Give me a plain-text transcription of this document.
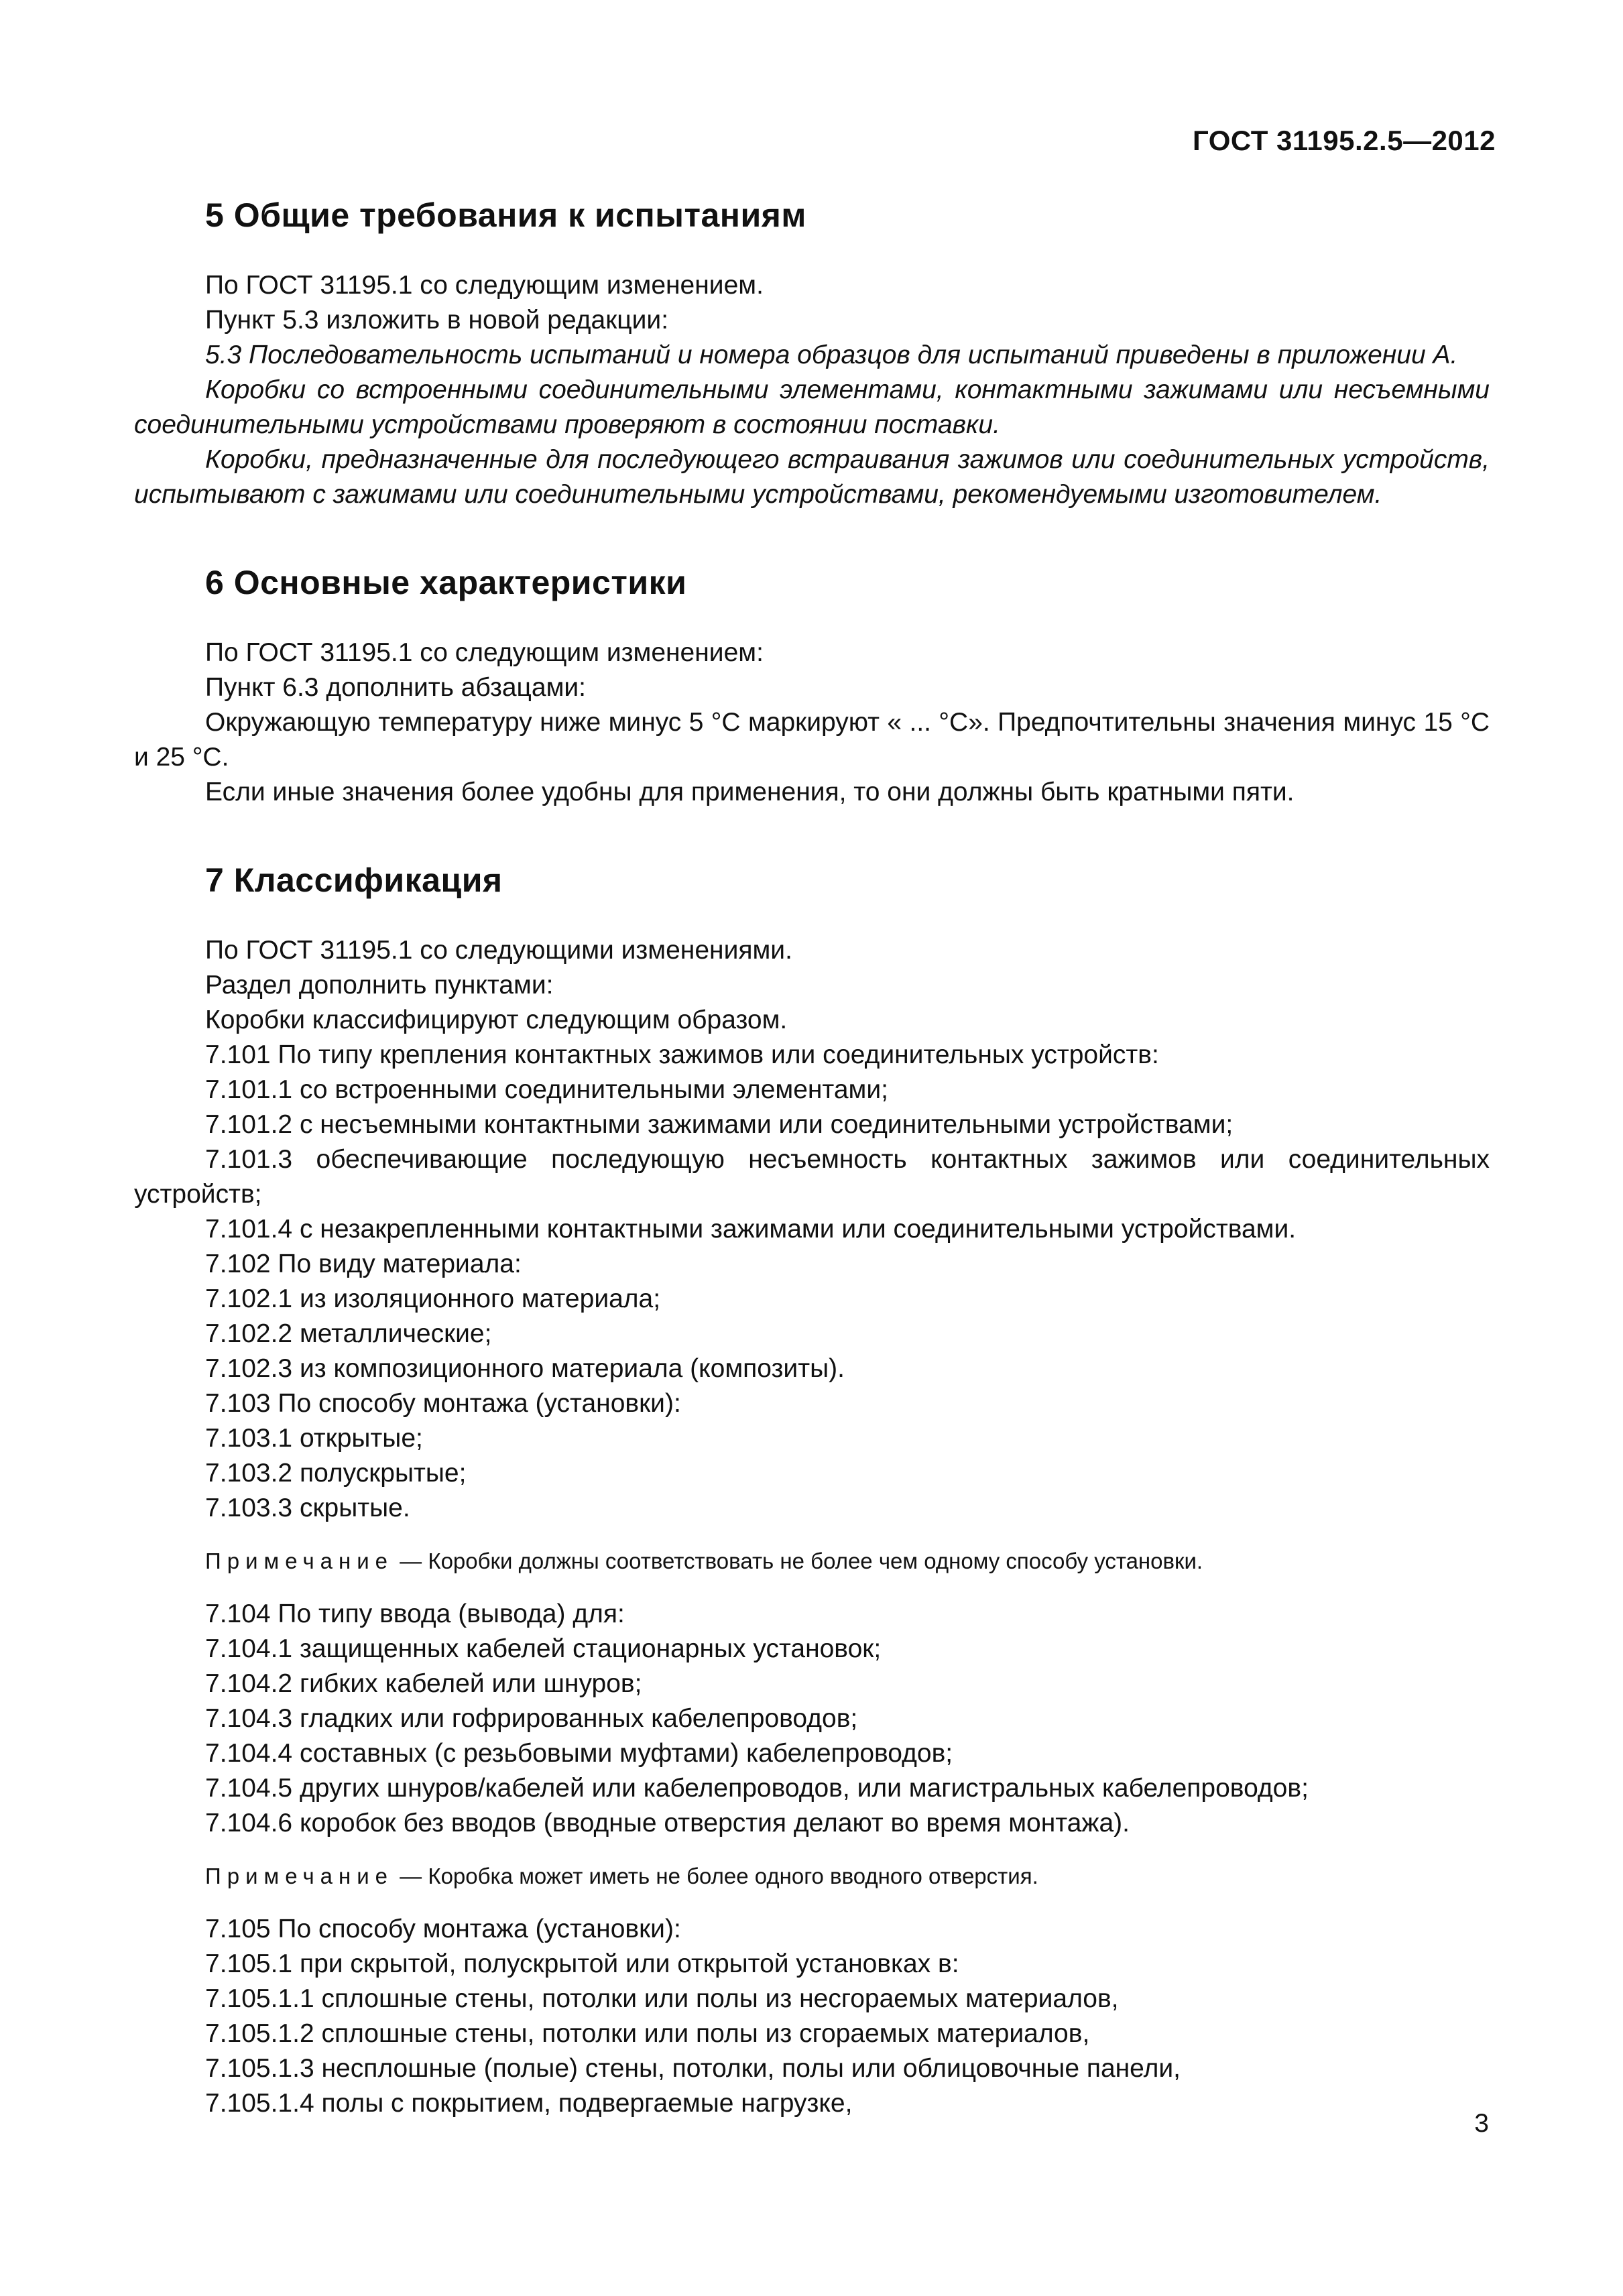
ГОСТ 31195.2.5—2012
5 Общие требования к испытаниям

По ГОСТ 31195.1 со следующим изменением.

Пункт 5.3 изложить в новой редакции:

5.3 Последовательность испытаний и номера образцов для испытаний приведены в приложении А.

Коробки со встроенными соединительными элементами, контактными зажимами или несъемными соединительными устройствами проверяют в состоянии поставки.

Коробки, предназначенные для последующего встраивания зажимов или соединительных устройств, испытывают с зажимами или соединительными устройствами, рекомендуемыми изготовителем.

6 Основные характеристики

По ГОСТ 31195.1 со следующим изменением:

Пункт 6.3 дополнить абзацами:

Окружающую температуру ниже минус 5 °С маркируют « ... °С». Предпочтительны значения минус 15 °С и 25 °С.

Если иные значения более удобны для применения, то они должны быть кратными пяти.

7 Классификация

По ГОСТ 31195.1 со следующими изменениями.

Раздел дополнить пунктами:

Коробки классифицируют следующим образом.

7.101 По типу крепления контактных зажимов или соединительных устройств:

7.101.1 со встроенными соединительными элементами;

7.101.2 с несъемными контактными зажимами или соединительными устройствами;

7.101.3 обеспечивающие последующую несъемность контактных зажимов или соединительных устройств;

7.101.4 с незакрепленными контактными зажимами или соединительными устройствами.

7.102 По виду материала:

7.102.1 из изоляционного материала;

7.102.2 металлические;

7.102.3 из композиционного материала (композиты).

7.103 По способу монтажа (установки):

7.103.1 открытые;

7.103.2 полускрытые;

7.103.3 скрытые.

Примечание — Коробки должны соответствовать не более чем одному способу установки.

7.104 По типу ввода (вывода) для:

7.104.1 защищенных кабелей стационарных установок;

7.104.2 гибких кабелей или шнуров;

7.104.3 гладких или гофрированных кабелепроводов;

7.104.4 составных (с резьбовыми муфтами) кабелепроводов;

7.104.5 других шнуров/кабелей или кабелепроводов, или магистральных кабелепроводов;

7.104.6 коробок без вводов (вводные отверстия делают во время монтажа).

Примечание — Коробка может иметь не более одного вводного отверстия.

7.105 По способу монтажа (установки):

7.105.1 при скрытой, полускрытой или открытой установках в:

7.105.1.1 сплошные стены, потолки или полы из несгораемых материалов,

7.105.1.2 сплошные стены, потолки или полы из сгораемых материалов,

7.105.1.3 несплошные (полые) стены, потолки, полы или облицовочные панели,

7.105.1.4 полы с покрытием, подвергаемые нагрузке,

3
